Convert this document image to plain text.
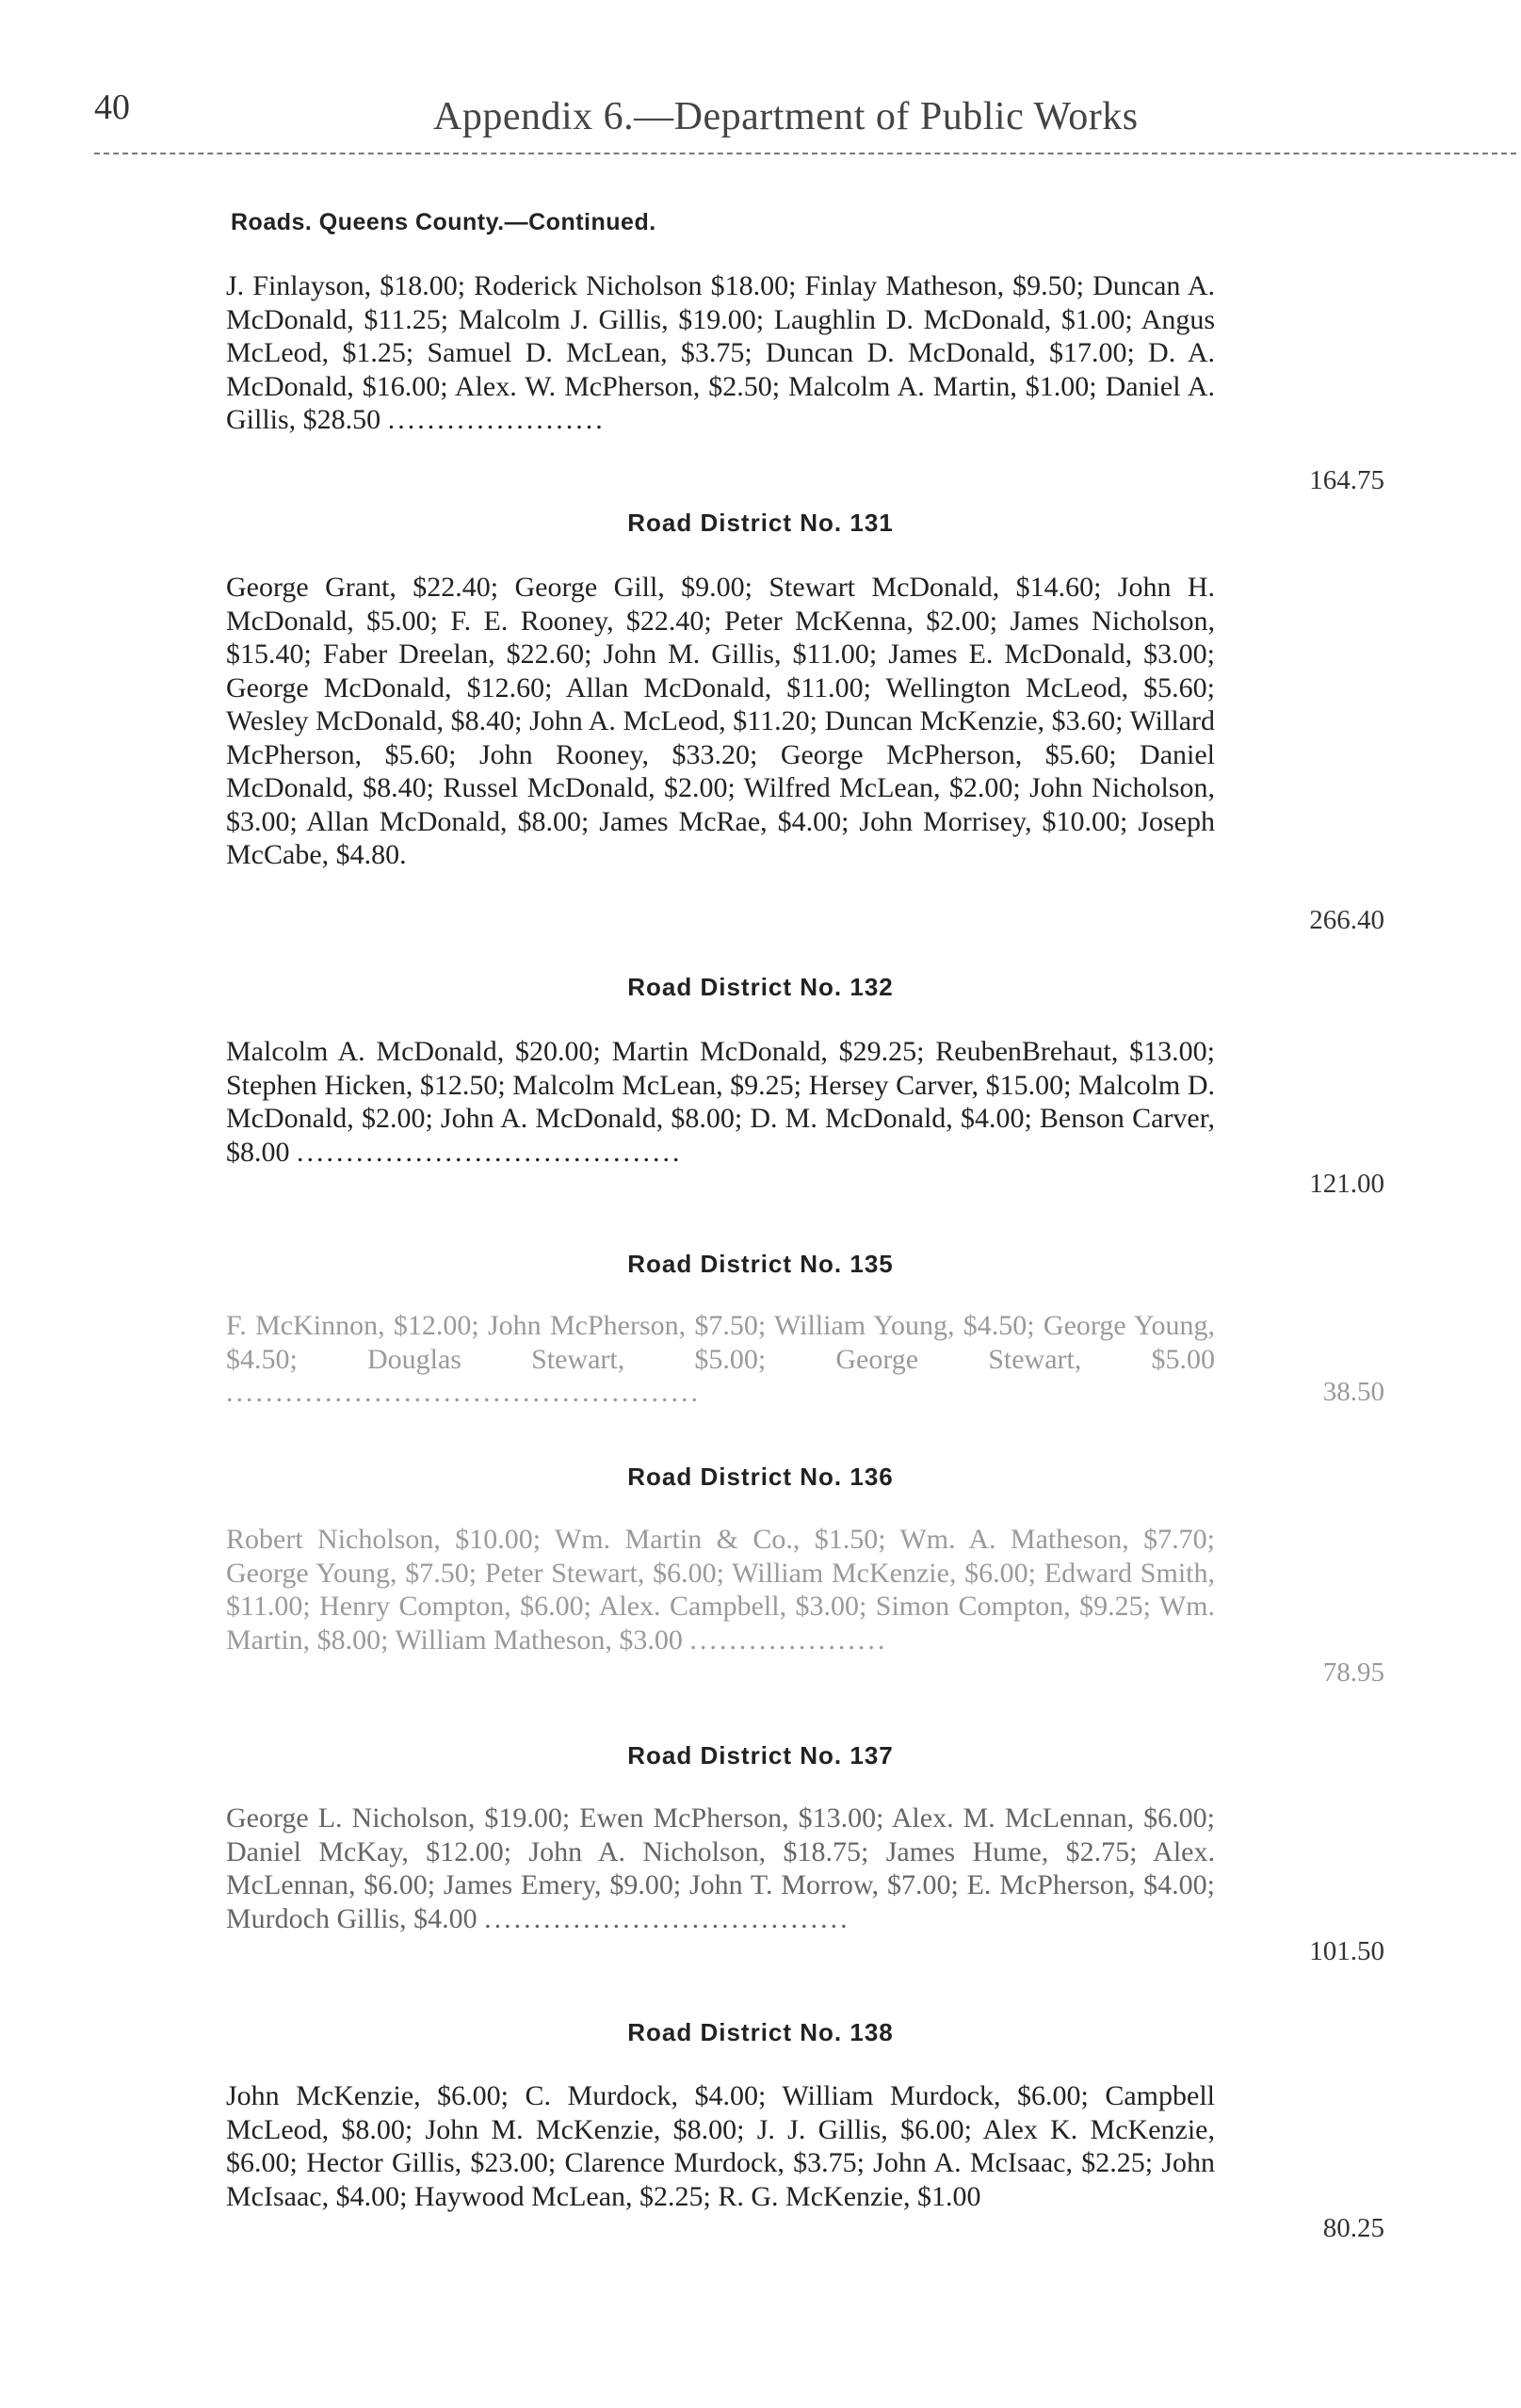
40	Appendix 6.—Department of Public Works
Roads. Queens County.—Continued.
J. Finlayson, $18.00; Roderick Nicholson $18.00; Finlay Matheson, $9.50; Duncan A. McDonald, $11.25; Malcolm J. Gillis, $19.00; Laughlin D. McDonald, $1.00; Angus McLeod, $1.25; Samuel D. McLean, $3.75; Duncan D. McDonald, $17.00; D. A. McDonald, $16.00; Alex. W. McPherson, $2.50; Malcolm A. Martin, $1.00; Daniel A. Gillis, $28.50 ......................
164.75
Road District No. 131
George Grant, $22.40; George Gill, $9.00; Stewart McDonald, $14.60; John H. McDonald, $5.00; F. E. Rooney, $22.40; Peter McKenna, $2.00; James Nicholson, $15.40; Faber Dreelan, $22.60; John M. Gillis, $11.00; James E. McDonald, $3.00; George McDonald, $12.60; Allan McDonald, $11.00; Wellington McLeod, $5.60; Wesley McDonald, $8.40; John A. McLeod, $11.20; Duncan McKenzie, $3.60; Willard McPherson, $5.60; John Rooney, $33.20; George McPherson, $5.60; Daniel McDonald, $8.40; Russel McDonald, $2.00; Wilfred McLean, $2.00; John Nicholson, $3.00; Allan McDonald, $8.00; James McRae, $4.00; John Morrisey, $10.00; Joseph McCabe, $4.80.
266.40
Road District No. 132
Malcolm A. McDonald, $20.00; Martin McDonald, $29.25; ReubenBrehaut, $13.00; Stephen Hicken, $12.50; Malcolm McLean, $9.25; Hersey Carver, $15.00; Malcolm D. McDonald, $2.00; John A. McDonald, $8.00; D. M. McDonald, $4.00; Benson Carver, $8.00 .......................................
121.00
Road District No. 135
F. McKinnon, $12.00; John McPherson, $7.50; William Young, $4.50; George Young, $4.50; Douglas Stewart, $5.00; George Stewart, $5.00 ................................................	38.50
Road District No. 136
Robert Nicholson, $10.00; Wm. Martin & Co., $1.50; Wm. A. Matheson, $7.70; George Young, $7.50; Peter Stewart, $6.00; William McKenzie, $6.00; Edward Smith, $11.00; Henry Compton, $6.00; Alex. Campbell, $3.00; Simon Compton, $9.25; Wm. Martin, $8.00; William Matheson, $3.00 ....................
78.95
Road District No. 137
George L. Nicholson, $19.00; Ewen McPherson, $13.00; Alex. M. McLennan, $6.00; Daniel McKay, $12.00; John A. Nicholson, $18.75; James Hume, $2.75; Alex. McLennan, $6.00; James Emery, $9.00; John T. Morrow, $7.00; E. McPherson, $4.00; Murdoch Gillis, $4.00 .....................................
101.50
Road District No. 138
John McKenzie, $6.00; C. Murdock, $4.00; William Murdock, $6.00; Campbell McLeod, $8.00; John M. McKenzie, $8.00; J. J. Gillis, $6.00; Alex K. McKenzie, $6.00; Hector Gillis, $23.00; Clarence Murdock, $3.75; John A. McIsaac, $2.25; John McIsaac, $4.00; Haywood McLean, $2.25; R. G. McKenzie, $1.00
80.25
